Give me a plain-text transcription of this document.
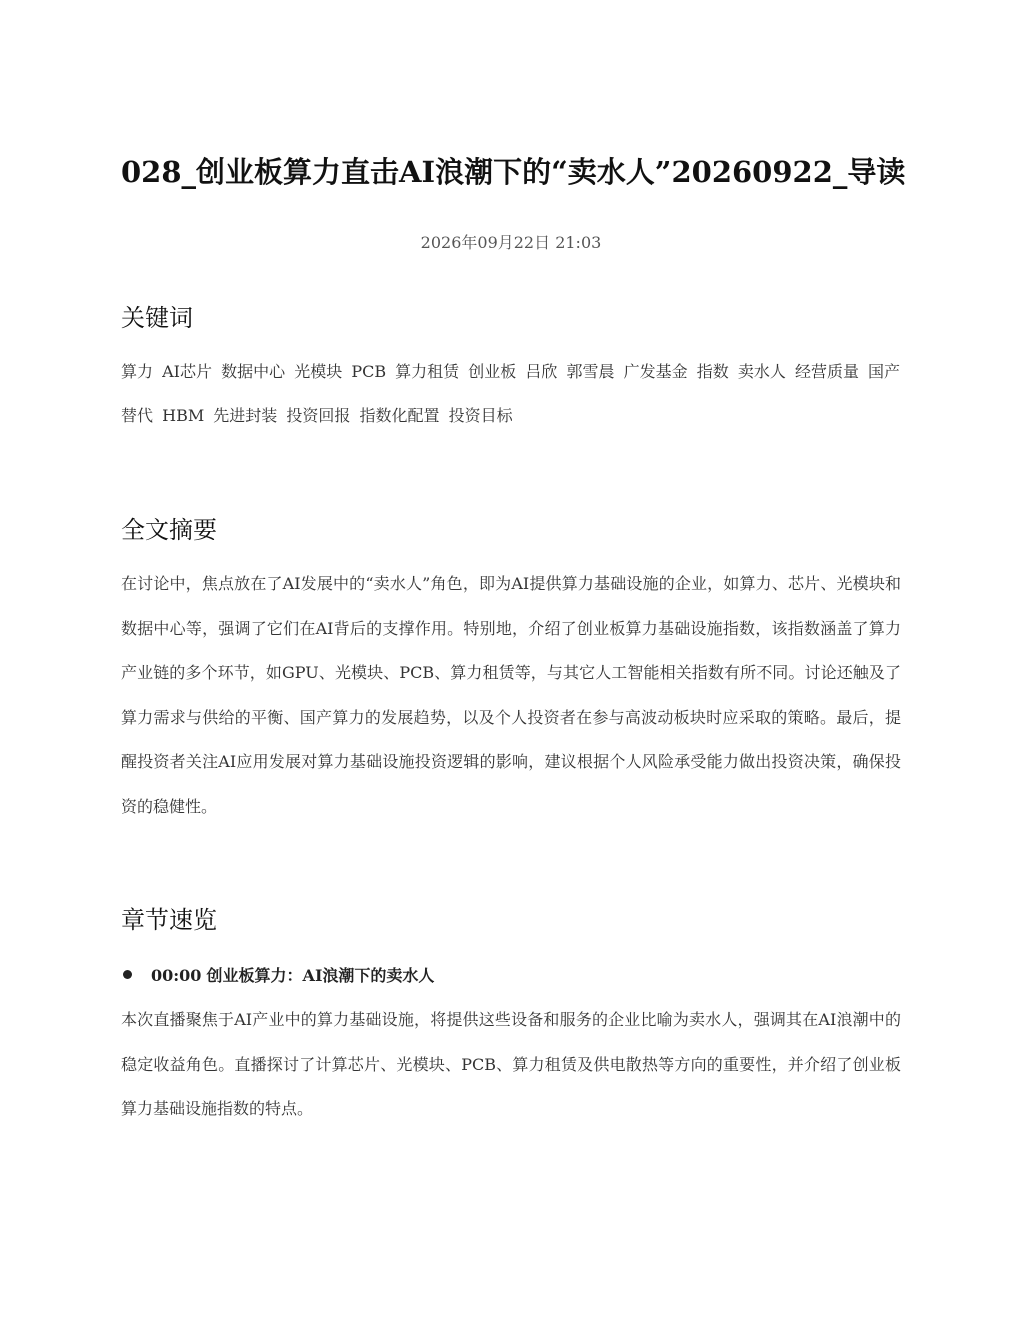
028_创业板算力直击AI浪潮下的“卖水人”20260922_导读
2026年09月22日 21:03
关键词
算力 AI芯片 数据中心 光模块 PCB 算力租赁 创业板 吕欣 郭雪晨 广发基金 指数 卖水人 经营质量 国产替代 HBM 先进封装 投资回报 指数化配置 投资目标
全文摘要

在讨论中，焦点放在了AI发展中的“卖水人”角色，即为AI提供算力基础设施的企业，如算力、芯片、光模块和数据中心等，强调了它们在AI背后的支撑作用。特别地，介绍了创业板算力基础设施指数，该指数涵盖了算力产业链的多个环节，如GPU、光模块、PCB、算力租赁等，与其它人工智能相关指数有所不同。讨论还触及了算力需求与供给的平衡、国产算力的发展趋势，以及个人投资者在参与高波动板块时应采取的策略。最后，提醒投资者关注AI应用发展对算力基础设施投资逻辑的影响，建议根据个人风险承受能力做出投资决策，确保投资的稳健性。

章节速览
00:00 创业板算力：AI浪潮下的卖水人

本次直播聚焦于AI产业中的算力基础设施，将提供这些设备和服务的企业比喻为卖水人，强调其在AI浪潮中的稳定收益角色。直播探讨了计算芯片、光模块、PCB、算力租赁及供电散热等方向的重要性，并介绍了创业板算力基础设施指数的特点。
